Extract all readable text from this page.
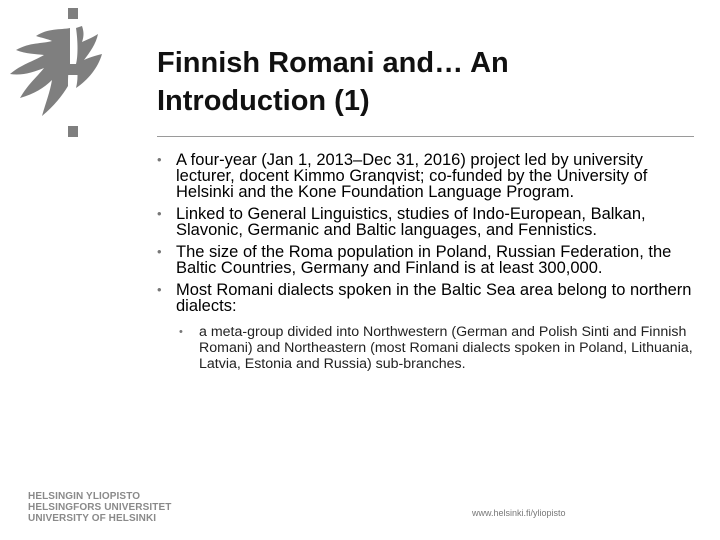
Finnish Romani and… An
Introduction (1)
• A four-year (Jan 1, 2013–Dec 31, 2016) project led by university lecturer, docent Kimmo Granqvist; co-funded by the University of Helsinki and the Kone Foundation Language Program.
• Linked to General Linguistics, studies of Indo-European, Balkan, Slavonic, Germanic and Baltic languages, and Fennistics.
• The size of the Roma population in Poland, Russian Federation, the Baltic Countries, Germany and Finland is at least 300,000.
• Most Romani dialects spoken in the Baltic Sea area belong to northern dialects:
• a meta-group divided into Northwestern (German and Polish Sinti and Finnish Romani) and Northeastern (most Romani dialects spoken in Poland, Lithuania, Latvia, Estonia and Russia) sub-branches.
HELSINGIN YLIOPISTO
HELSINGFORS UNIVERSITET
UNIVERSITY OF HELSINKI	www.helsinki.fi/yliopisto
